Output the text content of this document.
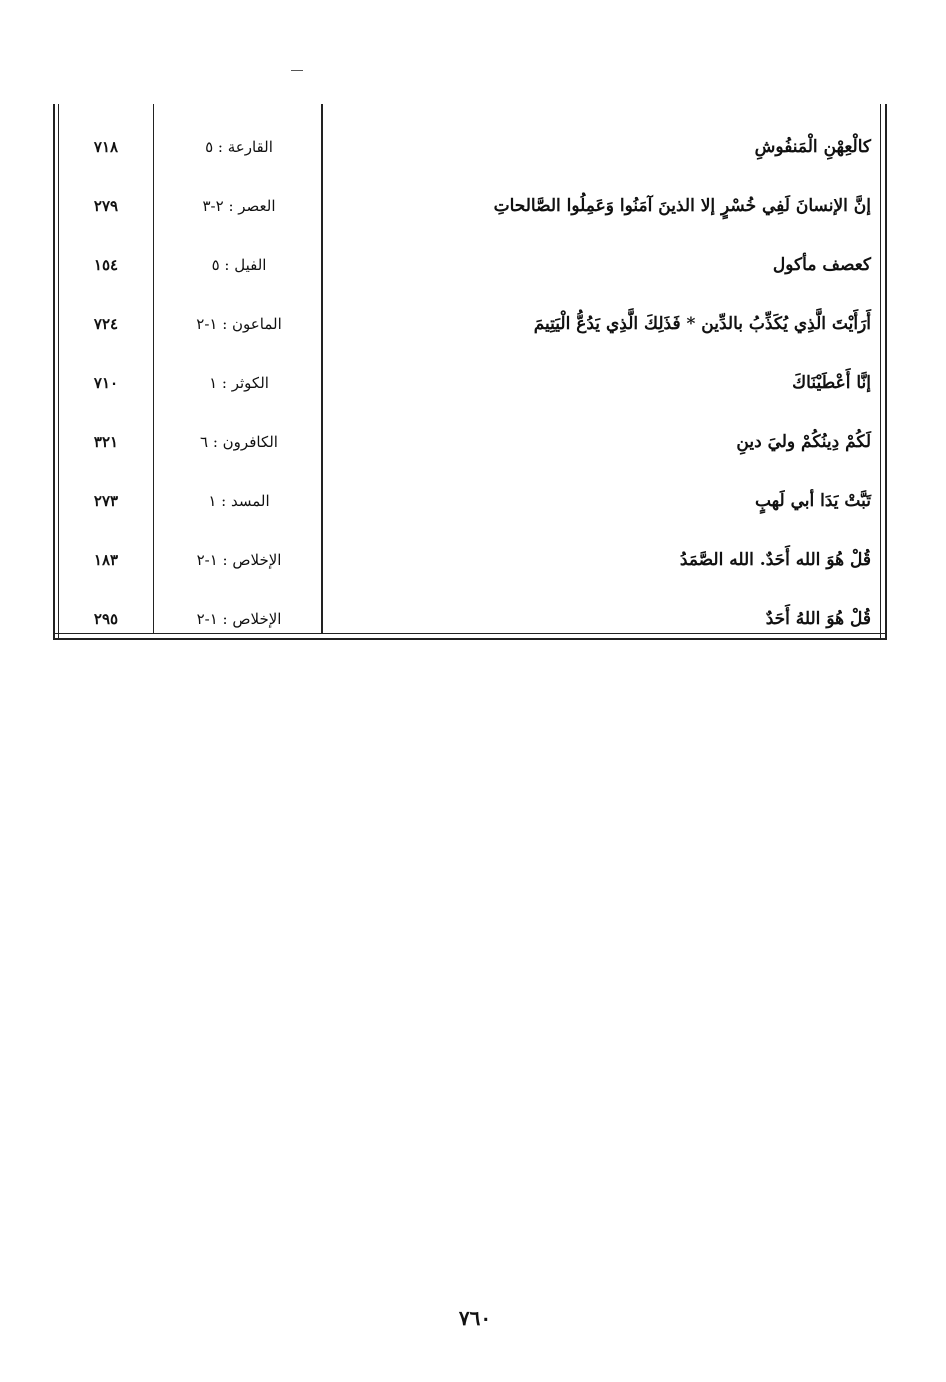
كالْعِهْنِ الْمَنفُوشِ
القارعة : ٥
٧١٨
إنَّ الإنسانَ لَفِي خُسْرٍ إلا الذينَ آمَنُوا وَعَمِلُوا الصَّالحاتِ
العصر : ٢-٣
٢٧٩
كعصف مأكول
الفيل : ٥
١٥٤
أَرَأَيْتَ الَّذِي يُكَذِّبُ بالدِّين * فَذَلِكَ الَّذِي يَدُعُّ الْيَتِيمَ
الماعون : ١-٢
٧٢٤
إنَّا أَعْطَيْنَاكَ
الكوثر : ١
٧١٠
لَكُمْ دِينُكُمْ وليَ دينِ
الكافرون : ٦
٣٢١
تَبَّتْ يَدَا أبي لَهبٍ
المسد : ١
٢٧٣
قُلْ هُوَ الله أَحَدٌ. الله الصَّمَدُ
الإخلاص : ١-٢
١٨٣
قُلْ هُوَ اللهُ أَحَدٌ
الإخلاص : ١-٢
٢٩٥
٧٦٠
